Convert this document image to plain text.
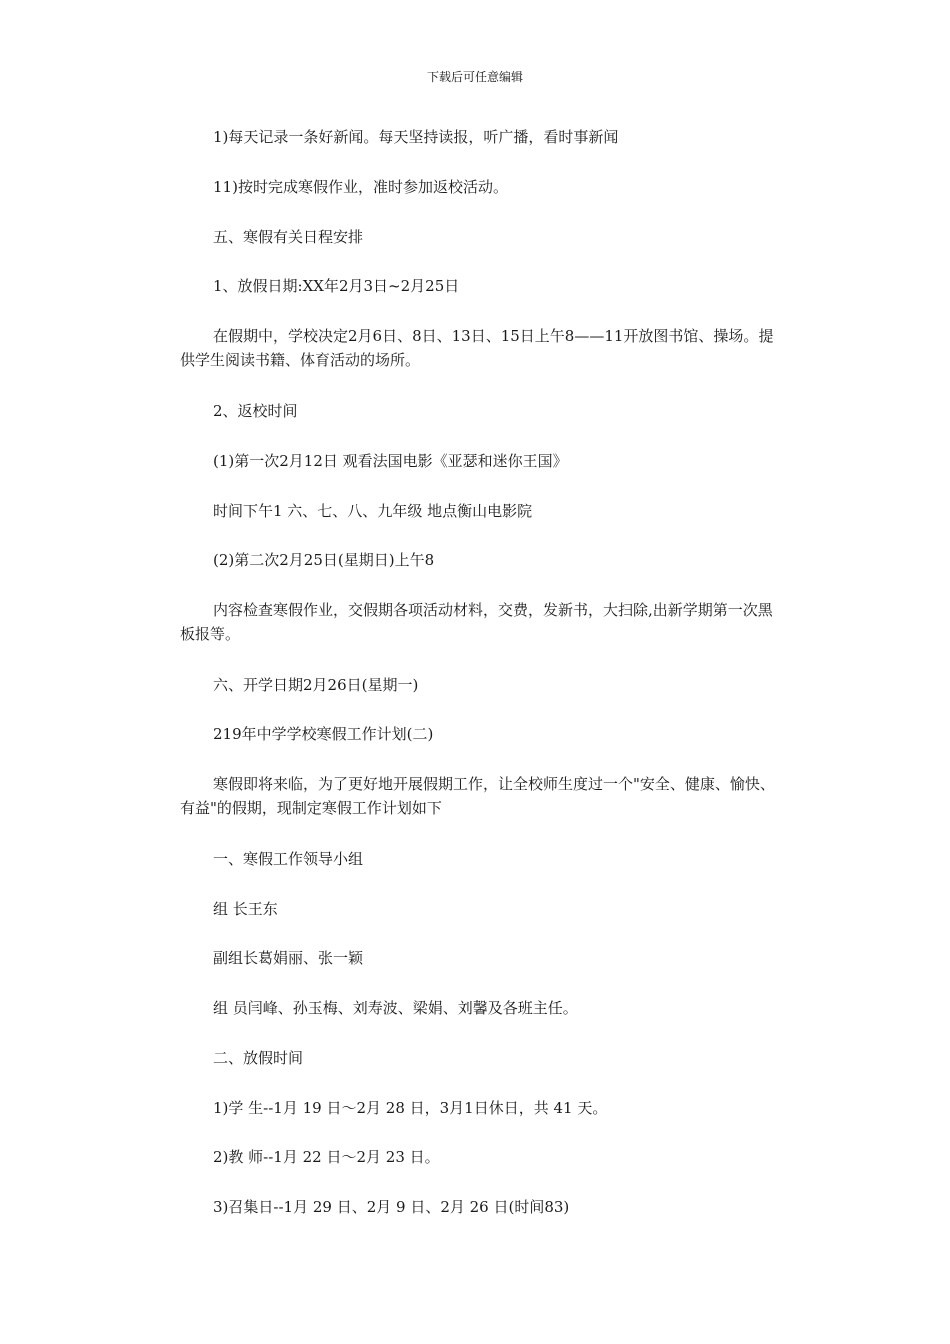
下载后可任意编辑
1)每天记录一条好新闻。每天坚持读报，听广播，看时事新闻
11)按时完成寒假作业，准时参加返校活动。
五、寒假有关日程安排
1、放假日期:XX年2月3日~2月25日
在假期中，学校决定2月6日、8日、13日、15日上午8——11开放图书馆、操场。提供学生阅读书籍、体育活动的场所。
2、返校时间
(1)第一次2月12日 观看法国电影《亚瑟和迷你王国》
时间下午1 六、七、八、九年级 地点衡山电影院
(2)第二次2月25日(星期日)上午8
内容检查寒假作业，交假期各项活动材料，交费，发新书，大扫除,出新学期第一次黑板报等。
六、开学日期2月26日(星期一)
219年中学学校寒假工作计划(二)
寒假即将来临，为了更好地开展假期工作，让全校师生度过一个"安全、健康、愉快、有益"的假期，现制定寒假工作计划如下
一、寒假工作领导小组
组 长王东
副组长葛娟丽、张一颖
组 员闫峰、孙玉梅、刘寿波、梁娟、刘馨及各班主任。
二、放假时间
1)学 生--1月 19 日～2月 28 日，3月1日休日，共 41 天。
2)教 师--1月 22 日～2月 23 日。
3)召集日--1月 29 日、2月 9 日、2月 26 日(时间83)
